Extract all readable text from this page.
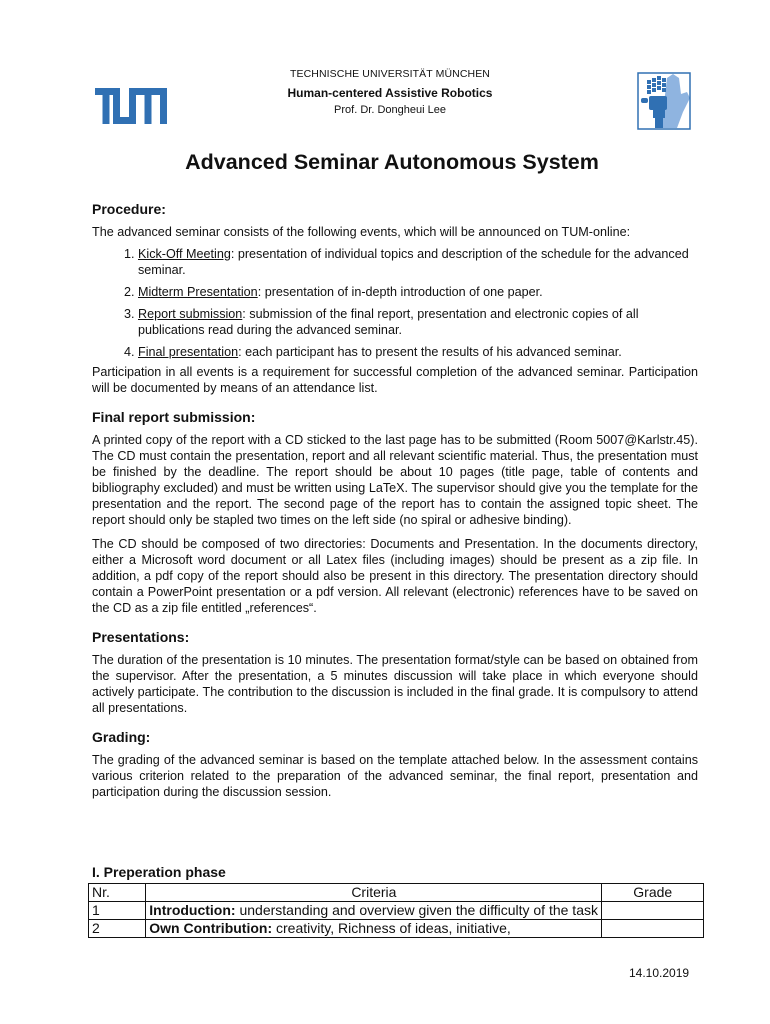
TECHNISCHE UNIVERSITÄT MÜNCHEN
Human-centered Assistive Robotics
Prof. Dr. Dongheui Lee
Advanced Seminar Autonomous System
Procedure:

The advanced seminar consists of the following events, which will be announced on TUM-online:

1. Kick-Off Meeting: presentation of individual topics and description of the schedule for the advanced seminar.
2. Midterm Presentation: presentation of in-depth introduction of one paper.
3. Report submission: submission of the final report, presentation and electronic copies of all publications read during the advanced seminar.
4. Final presentation: each participant has to present the results of his advanced seminar.

Participation in all events is a requirement for successful completion of the advanced seminar. Participation will be documented by means of an attendance list.

Final report submission:

A printed copy of the report with a CD sticked to the last page has to be submitted (Room 5007@Karlstr.45). The CD must contain the presentation, report and all relevant scientific material. Thus, the presentation must be finished by the deadline. The report should be about 10 pages (title page, table of contents and bibliography excluded) and must be written using LaTeX. The supervisor should give you the template for the presentation and the report. The second page of the report has to contain the assigned topic sheet. The report should only be stapled two times on the left side (no spiral or adhesive binding).

The CD should be composed of two directories: Documents and Presentation. In the documents directory, either a Microsoft word document or all Latex files (including images) should be present as a zip file. In addition, a pdf copy of the report should also be present in this directory. The presentation directory should contain a PowerPoint presentation or a pdf version. All relevant (electronic) references have to be saved on the CD as a zip file entitled „references“.

Presentations:

The duration of the presentation is 10 minutes. The presentation format/style can be based on obtained from the supervisor. After the presentation, a 5 minutes discussion will take place in which everyone should actively participate. The contribution to the discussion is included in the final grade. It is compulsory to attend all presentations.

Grading:

The grading of the advanced seminar is based on the template attached below. In the assessment contains various criterion related to the preparation of the advanced seminar, the final report, presentation and participation during the discussion session.

I. Preperation phase
Nr.	Criteria	Grade
1	Introduction: understanding and overview given the difficulty of the task	
2	Own Contribution: creativity, Richness of ideas, initiative,	
14.10.2019
